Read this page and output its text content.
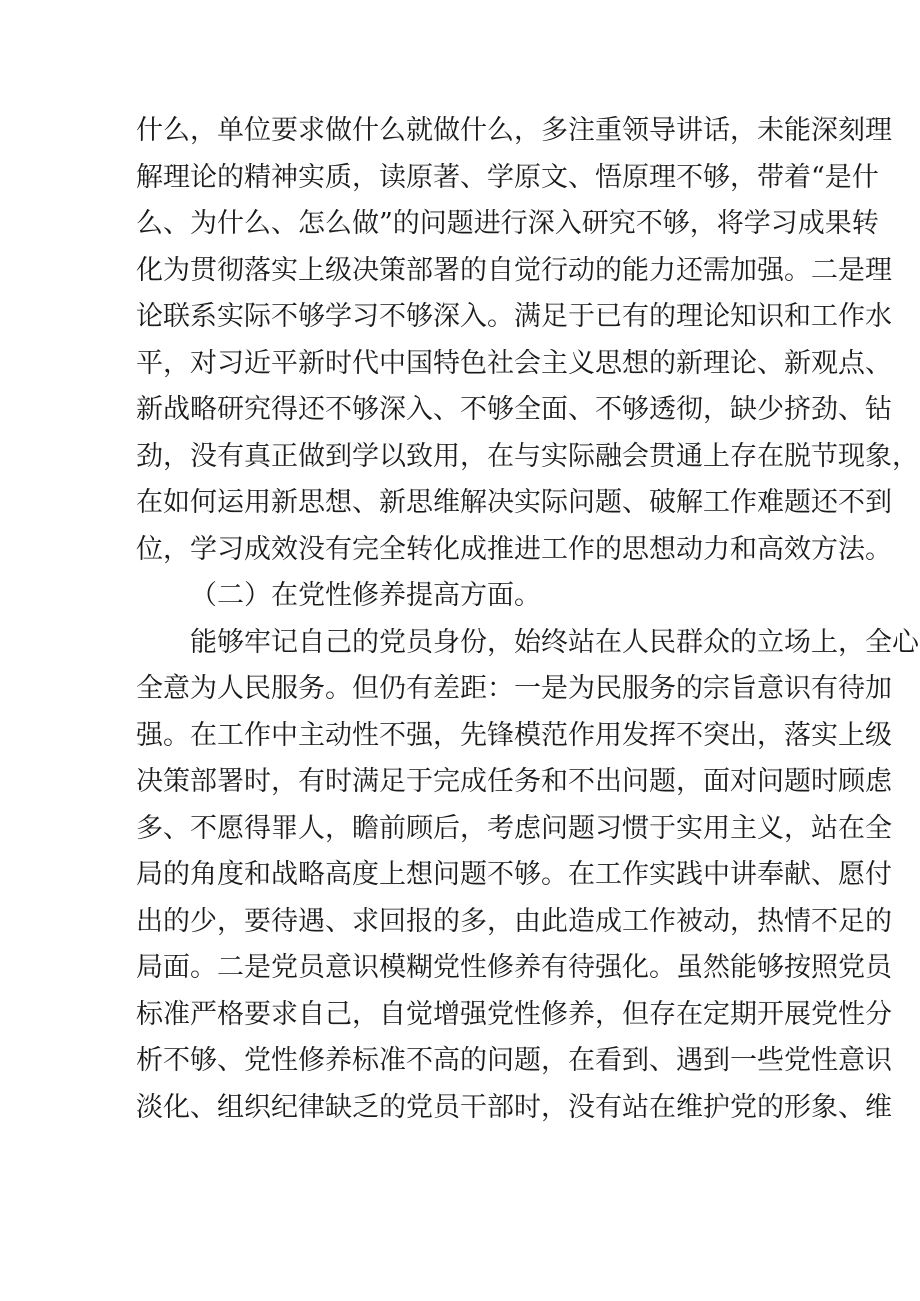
什么，单位要求做什么就做什么，多注重领导讲话，未能深刻理
解理论的精神实质，读原著、学原文、悟原理不够，带着“是什
么、为什么、怎么做”的问题进行深入研究不够，将学习成果转
化为贯彻落实上级决策部署的自觉行动的能力还需加强。二是理
论联系实际不够学习不够深入。满足于已有的理论知识和工作水
平，对习近平新时代中国特色社会主义思想的新理论、新观点、
新战略研究得还不够深入、不够全面、不够透彻，缺少挤劲、钻
劲，没有真正做到学以致用，在与实际融会贯通上存在脱节现象，
在如何运用新思想、新思维解决实际问题、破解工作难题还不到
位，学习成效没有完全转化成推进工作的思想动力和高效方法。
（二）在党性修养提高方面。
能够牢记自己的党员身份，始终站在人民群众的立场上，全心
全意为人民服务。但仍有差距：一是为民服务的宗旨意识有待加
强。在工作中主动性不强，先锋模范作用发挥不突出，落实上级
决策部署时，有时满足于完成任务和不出问题，面对问题时顾虑
多、不愿得罪人，瞻前顾后，考虑问题习惯于实用主义，站在全
局的角度和战略高度上想问题不够。在工作实践中讲奉献、愿付
出的少，要待遇、求回报的多，由此造成工作被动，热情不足的
局面。二是党员意识模糊党性修养有待强化。虽然能够按照党员
标准严格要求自己，自觉增强党性修养，但存在定期开展党性分
析不够、党性修养标准不高的问题，在看到、遇到一些党性意识
淡化、组织纪律缺乏的党员干部时，没有站在维护党的形象、维
